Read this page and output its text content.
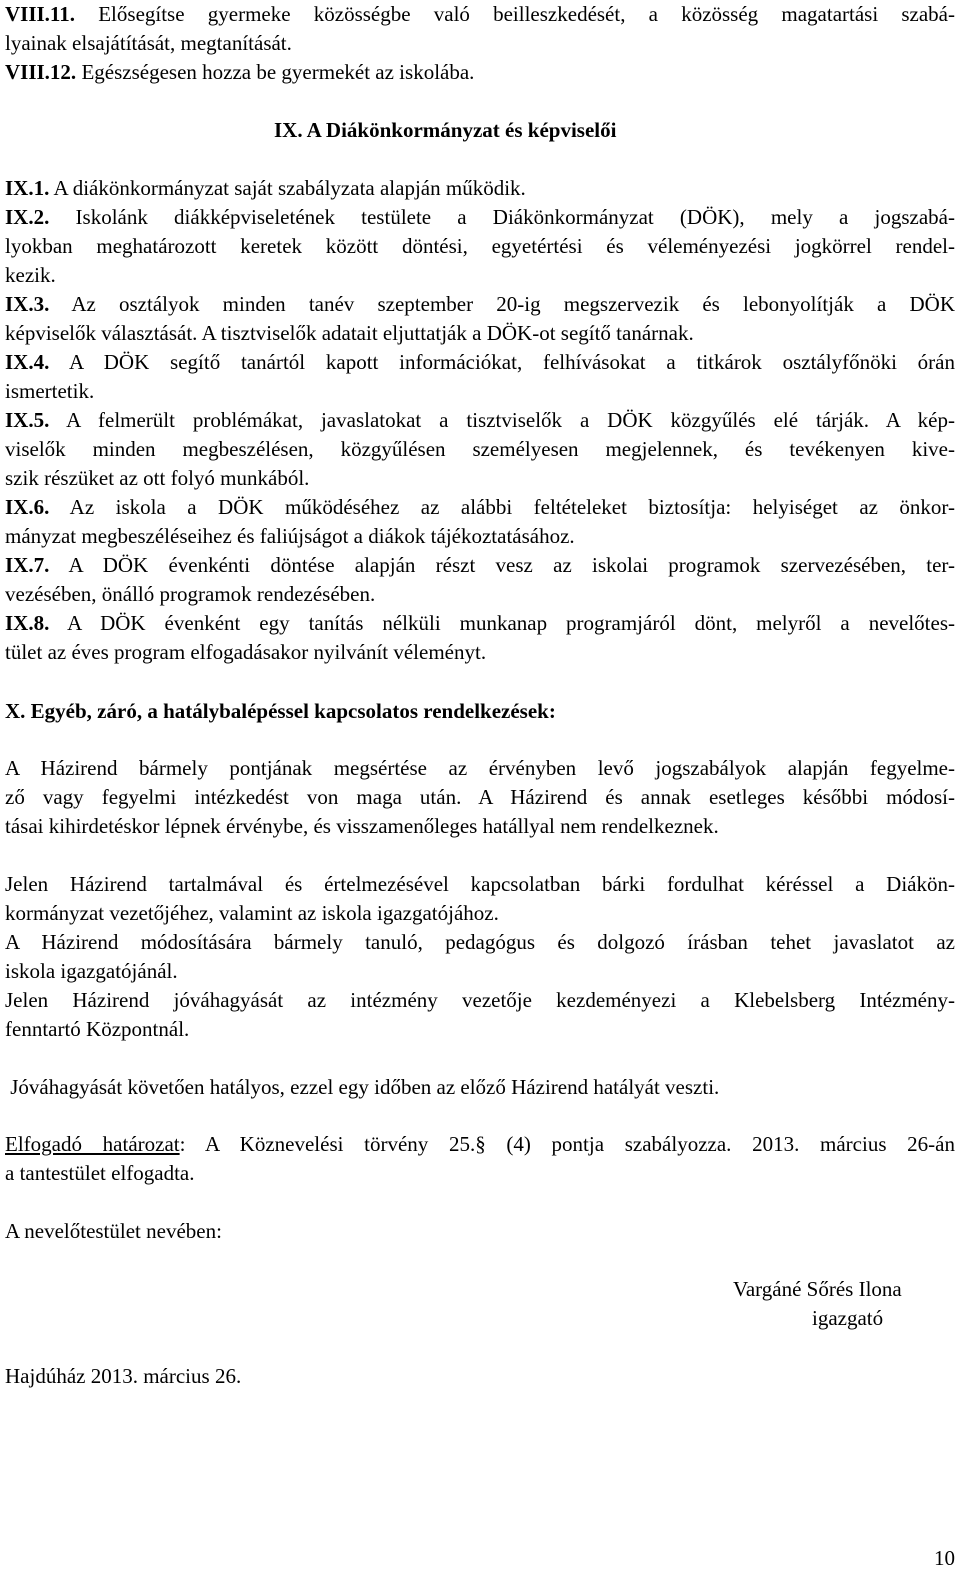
VIII.11. Elősegítse gyermeke közösségbe való beilleszkedését, a közösség magatartási szabá-
lyainak elsajátítását, megtanítását.
VIII.12. Egészségesen hozza be gyermekét az iskolába.
IX. A Diákönkormányzat és képviselői
IX.1. A diákönkormányzat saját szabályzata alapján működik.
IX.2. Iskolánk diákképviseletének testülete a Diákönkormányzat (DÖK), mely a jogszabá-
lyokban meghatározott keretek között döntési, egyetértési és véleményezési jogkörrel rendel-
kezik.
IX.3. Az osztályok minden tanév szeptember 20-ig megszervezik és lebonyolítják a DÖK
képviselők választását. A tisztviselők adatait eljuttatják a DÖK-ot segítő tanárnak.
IX.4. A DÖK segítő tanártól kapott információkat, felhívásokat a titkárok osztályfőnöki órán
ismertetik.
IX.5. A felmerült problémákat, javaslatokat a tisztviselők a DÖK közgyűlés elé tárják. A kép-
viselők minden megbeszélésen, közgyűlésen személyesen megjelennek, és tevékenyen kive-
szik részüket az ott folyó munkából.
IX.6. Az iskola a DÖK működéséhez az alábbi feltételeket biztosítja: helyiséget az önkor-
mányzat megbeszéléseihez és faliújságot a diákok tájékoztatásához.
IX.7. A DÖK évenkénti döntése alapján részt vesz az iskolai programok szervezésében, ter-
vezésében, önálló programok rendezésében.
IX.8. A DÖK évenként egy tanítás nélküli munkanap programjáról dönt, melyről a nevelőtes-
tület az éves program elfogadásakor nyilvánít véleményt.
X. Egyéb, záró, a hatálybalépéssel kapcsolatos rendelkezések:
A Házirend bármely pontjának megsértése az érvényben levő jogszabályok alapján fegyelme-
ző vagy fegyelmi intézkedést von maga után. A Házirend és annak esetleges későbbi módosí-
tásai kihirdetéskor lépnek érvénybe, és visszamenőleges hatállyal nem rendelkeznek.
Jelen Házirend tartalmával és értelmezésével kapcsolatban bárki fordulhat kéréssel a Diákön-
kormányzat vezetőjéhez, valamint az iskola igazgatójához.
A Házirend módosítására bármely tanuló, pedagógus és dolgozó írásban tehet javaslatot az
iskola igazgatójánál.
Jelen Házirend jóváhagyását az intézmény vezetője kezdeményezi a Klebelsberg Intézmény-
fenntartó Központnál.
Jóváhagyását követően hatályos, ezzel egy időben az előző Házirend hatályát veszti.
Elfogadó határozat: A Köznevelési törvény 25.§ (4) pontja szabályozza. 2013. március 26-án
a tantestület elfogadta.
A nevelőtestület nevében:
Vargáné Sőrés Ilona
igazgató
Hajdúház 2013. március 26.
10
